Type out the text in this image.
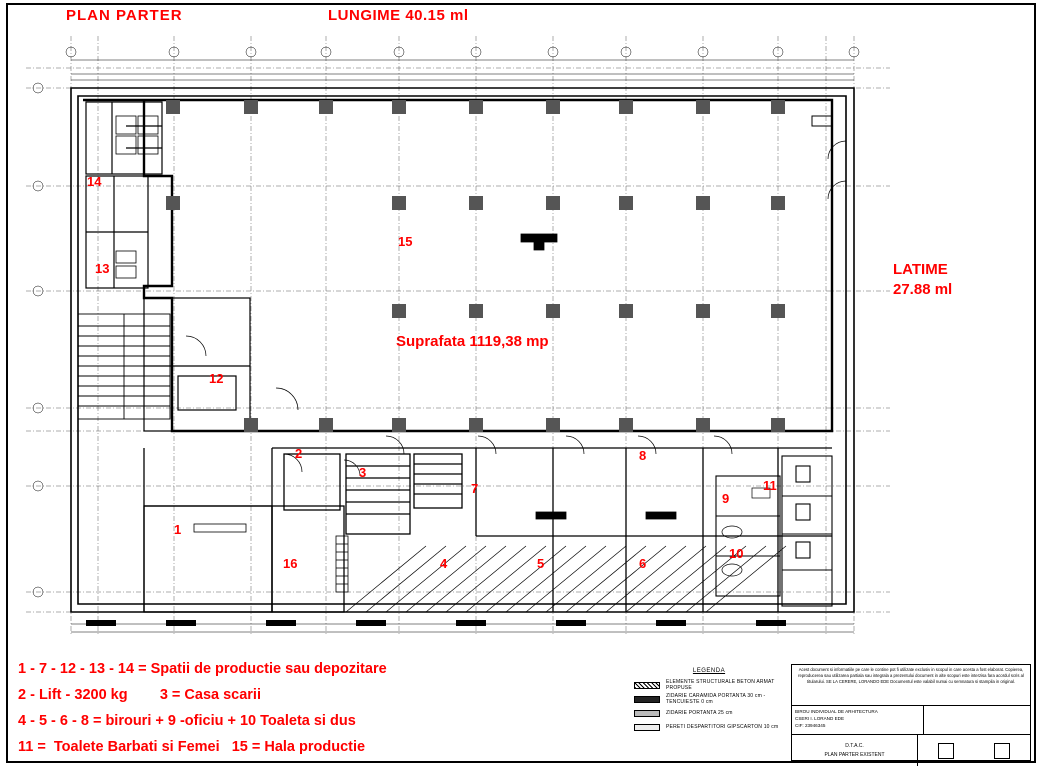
PLAN PARTER	LUNGIME 40.15 ml
LATIME
27.88 ml
Suprafata 1119,38 mp
1
2
3
4	5	6
7
8
9
10
11
12
13
14
15
16
1 - 7 - 12 - 13 - 14 = Spatii de productie sau depozitare
2 - Lift - 3200 kg        3 = Casa scarii
4 - 5 - 6 - 8 = birouri + 9 -oficiu + 10 Toaleta si dus
11 =  Toalete Barbati si Femei   15 = Hala productie
LEGENDA
ELEMENTE STRUCTURALE BETON ARMAT PROPUSE
ZIDARIE CARAMIDA PORTANTA 30 cm - TENCUIESTE 0 cm
ZIDARIE PORTANTA 25 cm
PERETI DESPARTITORI GIPSCARTON 10 cm
Acest document si informatiile pe care le contine pot fi utilizate exclusiv in scopul in care acesta a fost elaborat. Copierea, reproducerea sau utilizarea partiala sau integrala a prezentului document in alte scopuri este interzisa fara acordul scris al titularului. SE LA CERERE, LORANDO EDE Documentul este valabil numai cu semnatura si stampila in original.
BIROU INDIVIDUAL DE ARHITECTURA
CSERI I. LORAND EDE
CIF: 23946345
D.T.A.C.
PLAN PARTER EXISTENT
